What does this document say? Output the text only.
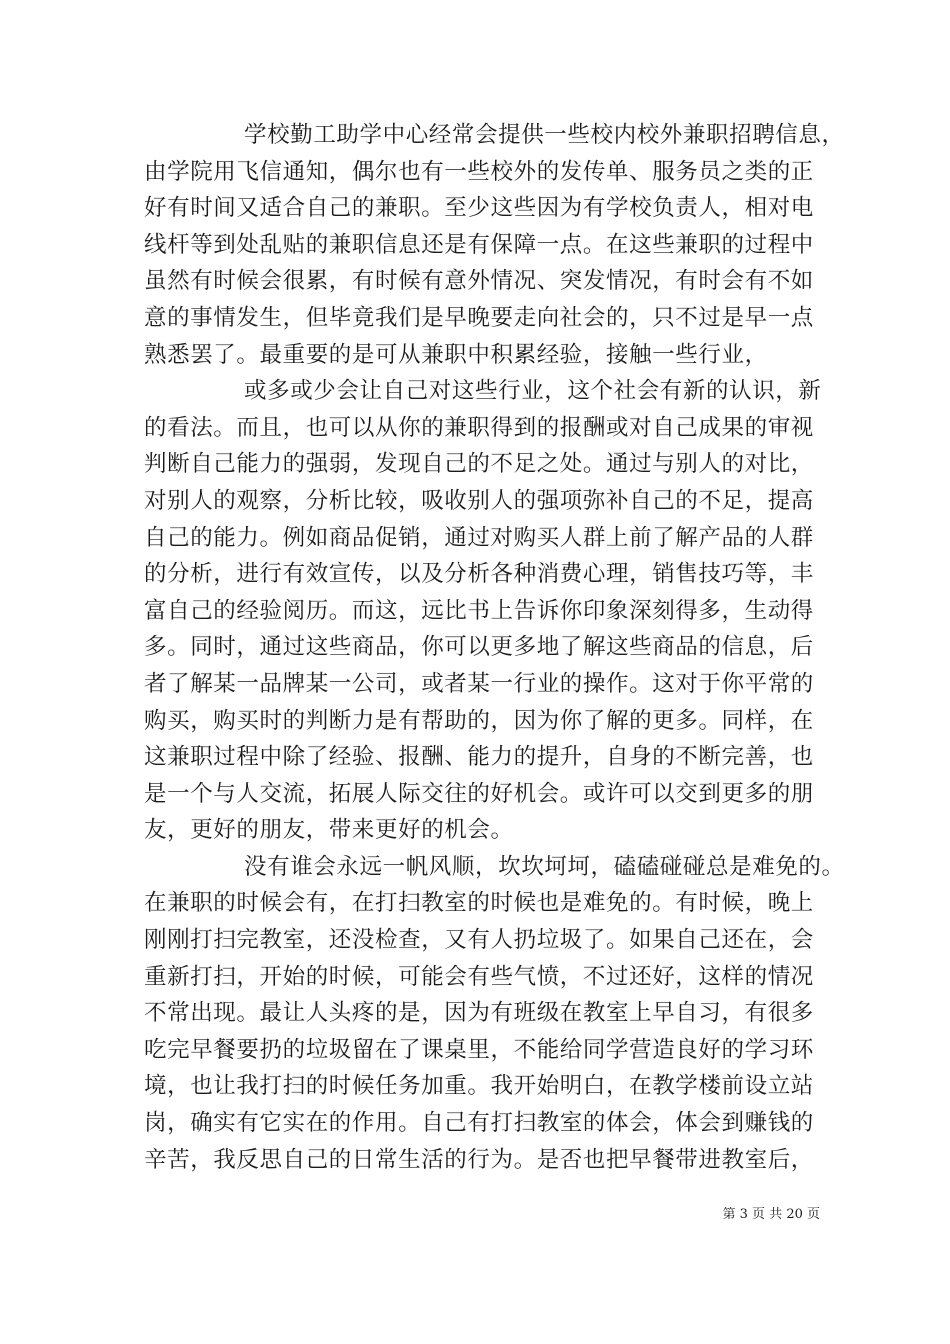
学校勤工助学中心经常会提供一些校内校外兼职招聘信息，
由学院用飞信通知，偶尔也有一些校外的发传单、服务员之类的正
好有时间又适合自己的兼职。至少这些因为有学校负责人，相对电
线杆等到处乱贴的兼职信息还是有保障一点。在这些兼职的过程中
虽然有时候会很累，有时候有意外情况、突发情况，有时会有不如
意的事情发生，但毕竟我们是早晚要走向社会的，只不过是早一点
熟悉罢了。最重要的是可从兼职中积累经验，接触一些行业，
或多或少会让自己对这些行业，这个社会有新的认识，新
的看法。而且，也可以从你的兼职得到的报酬或对自己成果的审视
判断自己能力的强弱，发现自己的不足之处。通过与别人的对比，
对别人的观察，分析比较，吸收别人的强项弥补自己的不足，提高
自己的能力。例如商品促销，通过对购买人群上前了解产品的人群
的分析，进行有效宣传，以及分析各种消费心理，销售技巧等，丰
富自己的经验阅历。而这，远比书上告诉你印象深刻得多，生动得
多。同时，通过这些商品，你可以更多地了解这些商品的信息，后
者了解某一品牌某一公司，或者某一行业的操作。这对于你平常的
购买，购买时的判断力是有帮助的，因为你了解的更多。同样，在
这兼职过程中除了经验、报酬、能力的提升，自身的不断完善，也
是一个与人交流，拓展人际交往的好机会。或许可以交到更多的朋
友，更好的朋友，带来更好的机会。
没有谁会永远一帆风顺，坎坎坷坷，磕磕碰碰总是难免的。
在兼职的时候会有，在打扫教室的时候也是难免的。有时候，晚上
刚刚打扫完教室，还没检查，又有人扔垃圾了。如果自己还在，会
重新打扫，开始的时候，可能会有些气愤，不过还好，这样的情况
不常出现。最让人头疼的是，因为有班级在教室上早自习，有很多
吃完早餐要扔的垃圾留在了课桌里，不能给同学营造良好的学习环
境，也让我打扫的时候任务加重。我开始明白，在教学楼前设立站
岗，确实有它实在的作用。自己有打扫教室的体会，体会到赚钱的
辛苦，我反思自己的日常生活的行为。是否也把早餐带进教室后，
第 3 页 共 20 页
